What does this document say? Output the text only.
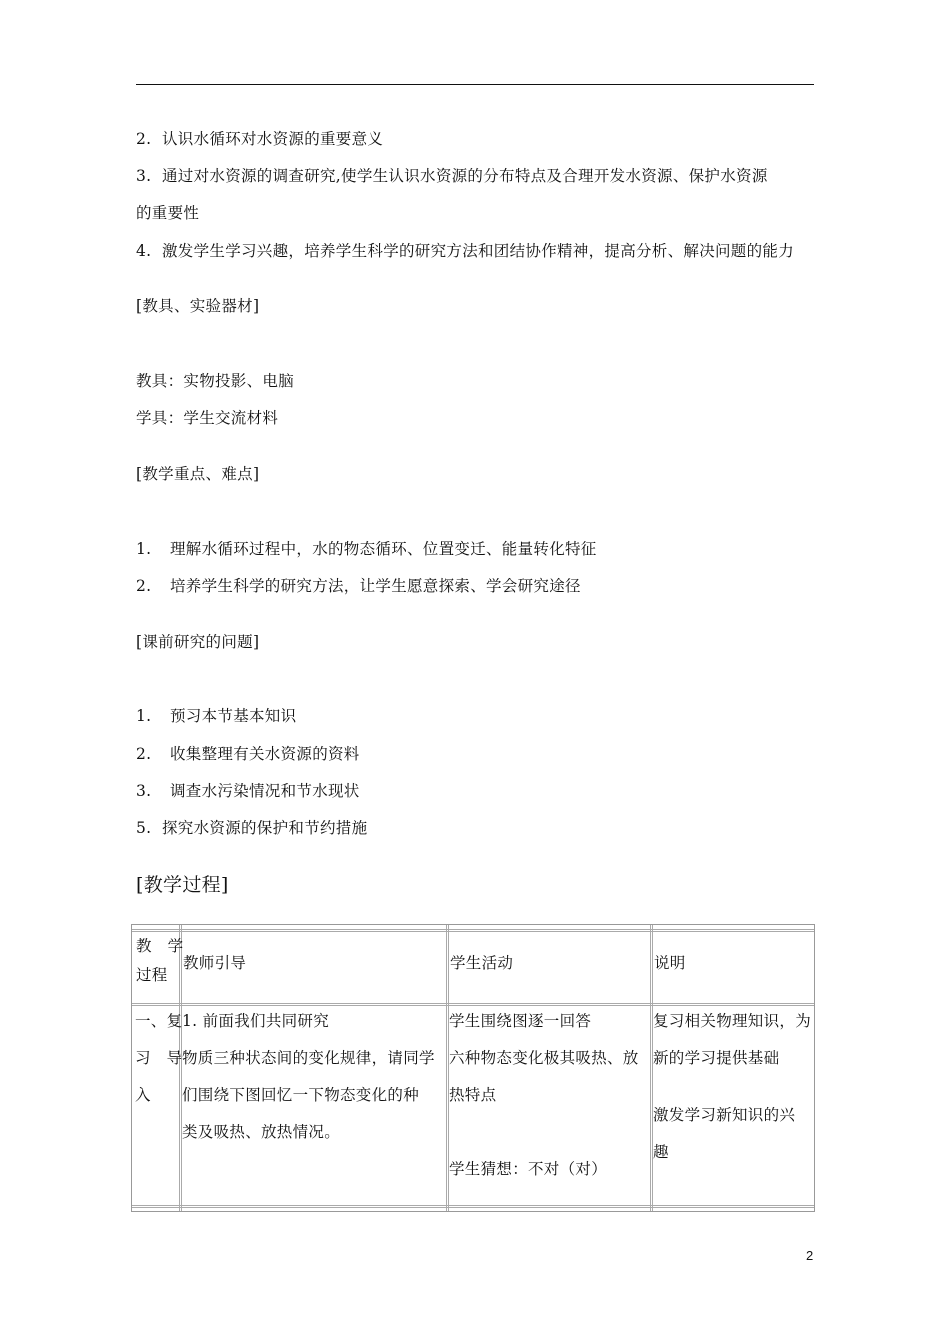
2. 认识水循环对水资源的重要意义
3. 通过对水资源的调查研究,使学生认识水资源的分布特点及合理开发水资源、保护水资源
的重要性
4. 激发学生学习兴趣，培养学生科学的研究方法和团结协作精神，提高分析、解决问题的能力
[教具、实验器材]
教具：实物投影、电脑
学具：学生交流材料
[教学重点、难点]
1. 理解水循环过程中，水的物态循环、位置变迁、能量转化特征
2. 培养学生科学的研究方法，让学生愿意探索、学会研究途径
[课前研究的问题]
1. 预习本节基本知识
2. 收集整理有关水资源的资料
3. 调查水污染情况和节水现状
5. 探究水资源的保护和节约措施
[教学过程]
教　学
过程
教师引导	学生活动	说明
一、复
习　导
入
1. 前面我们共同研究
物质三种状态间的变化规律，请同学
们围绕下图回忆一下物态变化的种
类及吸热、放热情况。
学生围绕图逐一回答
六种物态变化极其吸热、放
热特点
学生猜想：不对（对）
复习相关物理知识，为
新的学习提供基础
激发学习新知识的兴
趣
2
